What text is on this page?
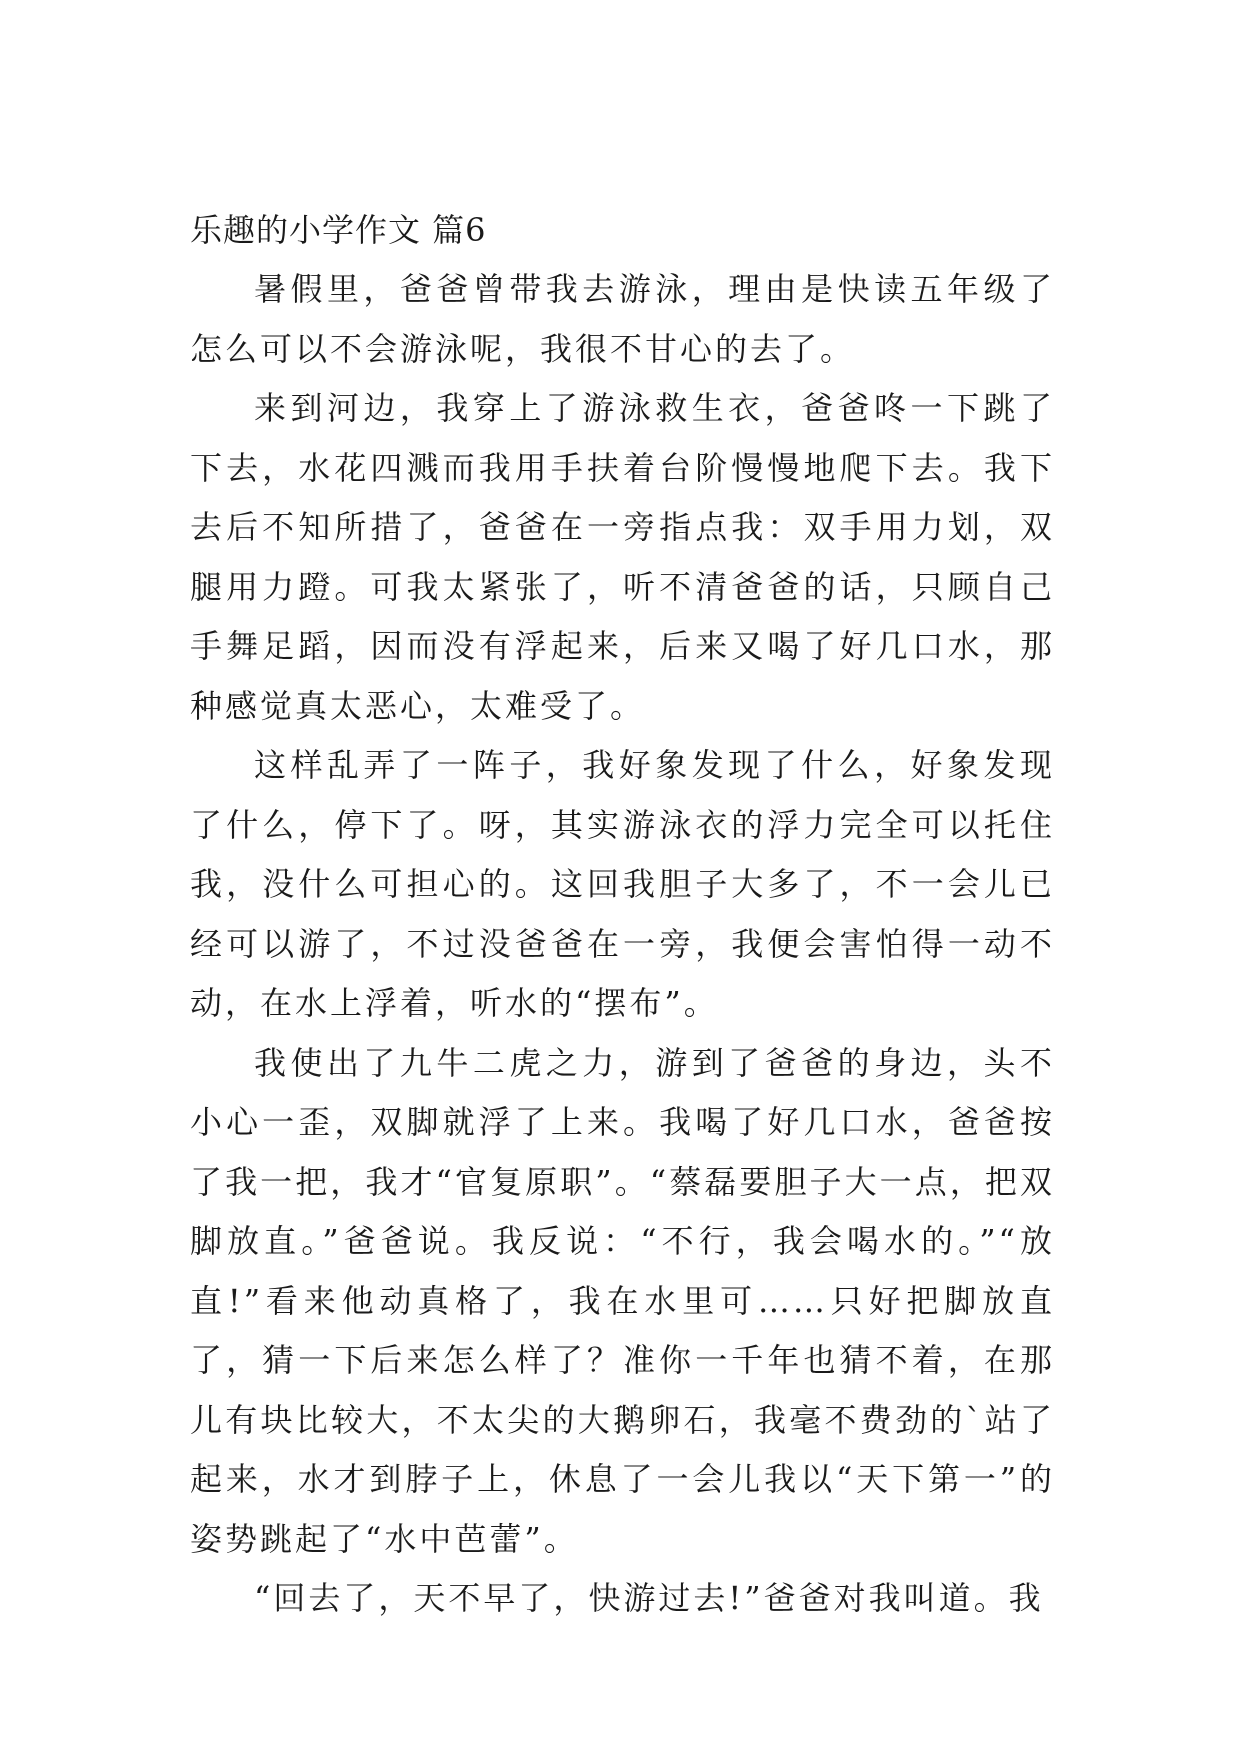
乐趣的小学作文 篇6

暑假里，爸爸曾带我去游泳，理由是快读五年级了怎么可以不会游泳呢，我很不甘心的去了。

来到河边，我穿上了游泳救生衣，爸爸咚一下跳了下去，水花四溅而我用手扶着台阶慢慢地爬下去。我下去后不知所措了，爸爸在一旁指点我：双手用力划，双腿用力蹬。可我太紧张了，听不清爸爸的话，只顾自己手舞足蹈，因而没有浮起来，后来又喝了好几口水，那种感觉真太恶心，太难受了。

这样乱弄了一阵子，我好象发现了什么，好象发现了什么，停下了。呀，其实游泳衣的浮力完全可以托住我，没什么可担心的。这回我胆子大多了，不一会儿已经可以游了，不过没爸爸在一旁，我便会害怕得一动不动，在水上浮着，听水的“摆布”。

我使出了九牛二虎之力，游到了爸爸的身边，头不小心一歪，双脚就浮了上来。我喝了好几口水，爸爸按了我一把，我才“官复原职”。“蔡磊要胆子大一点，把双脚放直。”爸爸说。我反说：“不行，我会喝水的。”“放直!”看来他动真格了，我在水里可……只好把脚放直了，猜一下后来怎么样了？准你一千年也猜不着，在那儿有块比较大，不太尖的大鹅卵石，我毫不费劲的`站了起来，水才到脖子上，休息了一会儿我以“天下第一”的姿势跳起了“水中芭蕾”。

“回去了，天不早了，快游过去!”爸爸对我叫道。我
